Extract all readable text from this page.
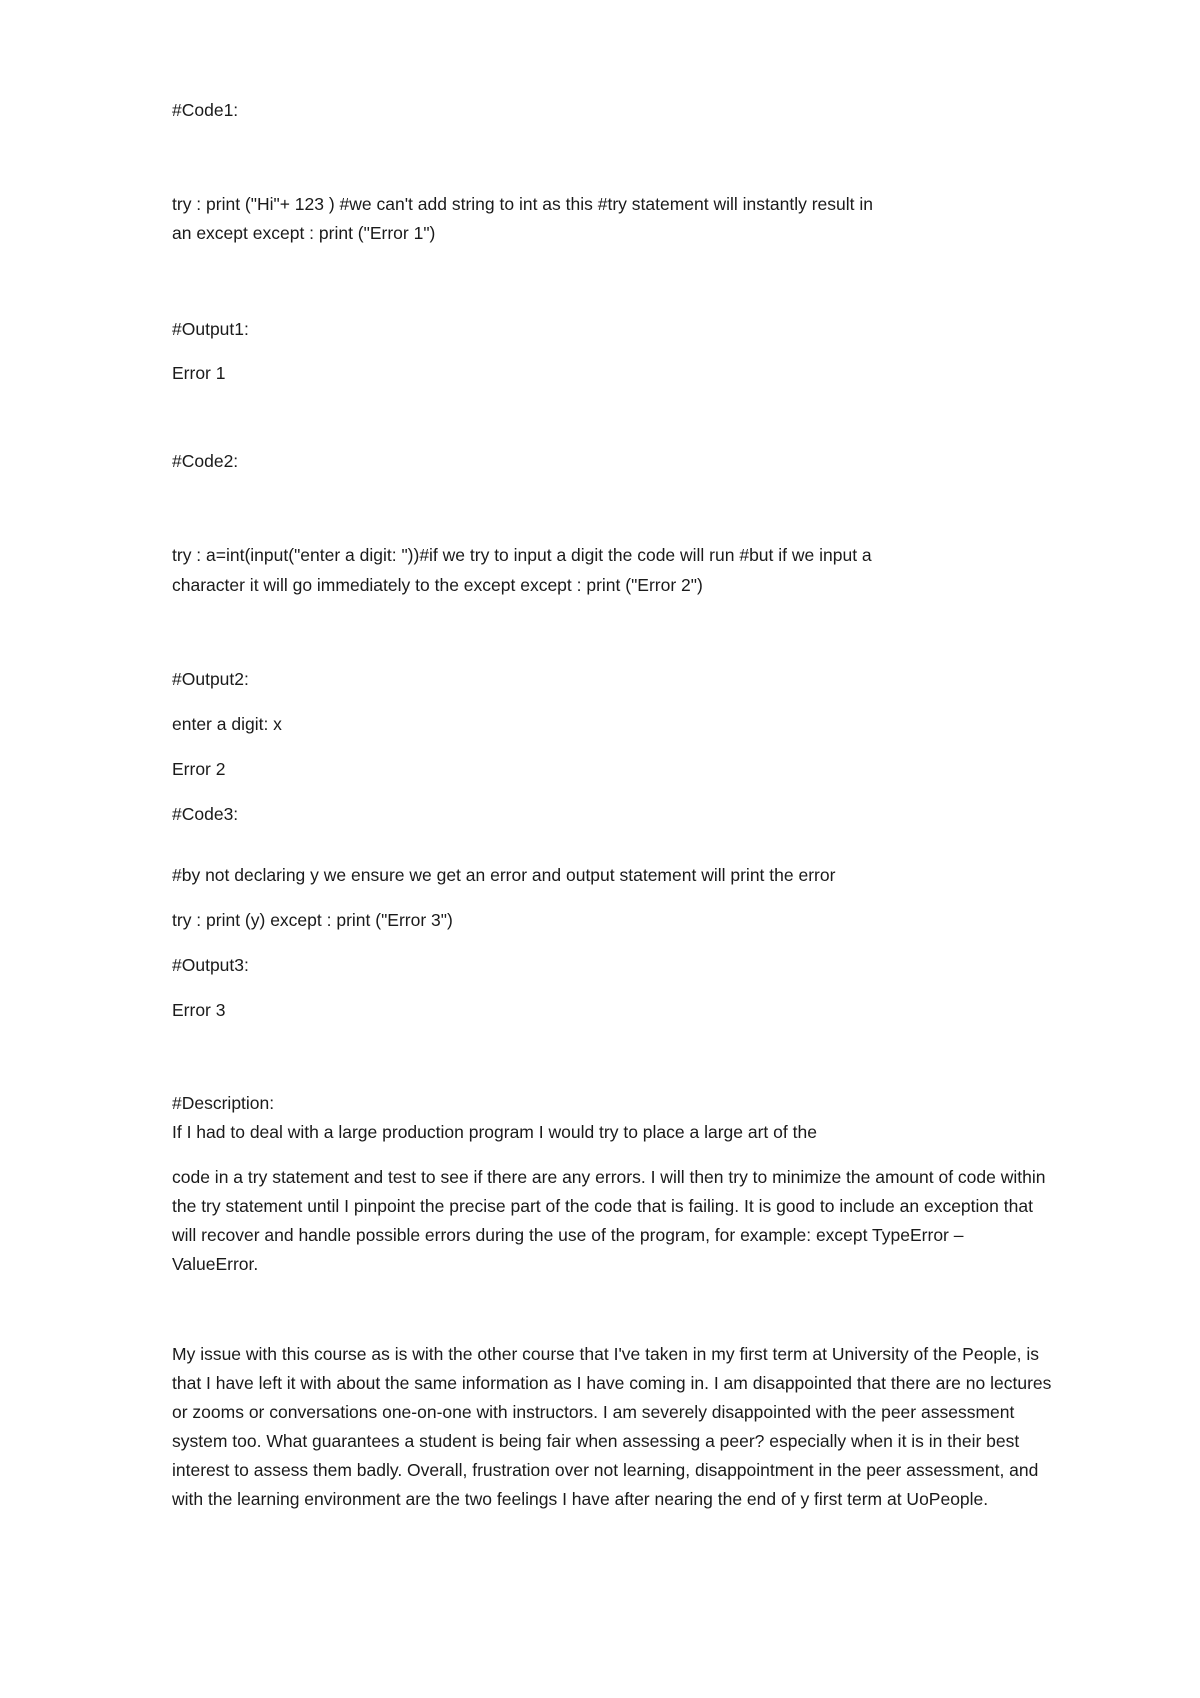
#Code1:

try : print ("Hi"+ 123 ) #we can't add string to int as this #try statement will instantly result in

an except except : print ("Error 1")

#Output1:

Error 1

#Code2:

try : a=int(input("enter a digit: "))#if we try to input a digit the code will run #but if we input a

character it will go immediately to the except except : print ("Error 2")

#Output2:

enter a digit: x

Error 2

#Code3:

#by not declaring y we ensure we get an error and output statement will print the error

try : print (y) except : print ("Error 3")

#Output3:

Error 3

#Description:

If I had to deal with a large production program I would try to place a large art of the

code in a try statement and test to see if there are any errors. I will then try to minimize the amount of code within the try statement until I pinpoint the precise part of the code that is failing. It is good to include an exception that will recover and handle possible errors during the use of the program, for example: except TypeError – ValueError.

My issue with this course as is with the other course that I've taken in my first term at University of the People, is that I have left it with about the same information as I have coming in. I am disappointed that there are no lectures or zooms or conversations one-on-one with instructors. I am severely disappointed with the peer assessment system too. What guarantees a student is being fair when assessing a peer? especially when it is in their best interest to assess them badly. Overall, frustration over not learning, disappointment in the peer assessment, and with the learning environment are the two feelings I have after nearing the end of y first term at UoPeople.
